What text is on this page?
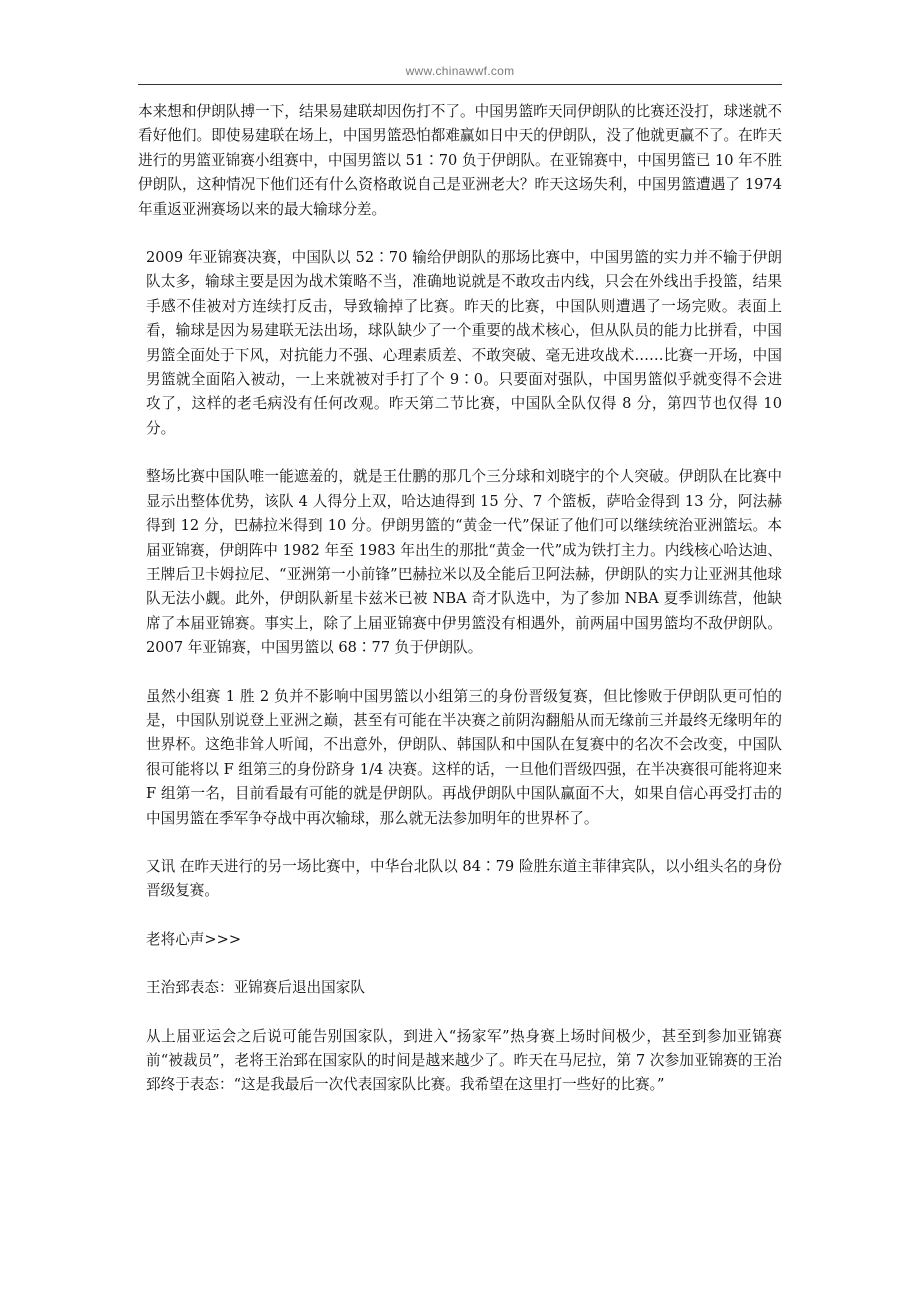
www.chinawwf.com

本来想和伊朗队搏一下，结果易建联却因伤打不了。中国男篮昨天同伊朗队的比赛还没打，球迷就不看好他们。即使易建联在场上，中国男篮恐怕都难赢如日中天的伊朗队，没了他就更赢不了。在昨天进行的男篮亚锦赛小组赛中，中国男篮以 51∶70 负于伊朗队。在亚锦赛中，中国男篮已 10 年不胜伊朗队，这种情况下他们还有什么资格敢说自己是亚洲老大？昨天这场失利，中国男篮遭遇了 1974 年重返亚洲赛场以来的最大输球分差。

2009 年亚锦赛决赛，中国队以 52∶70 输给伊朗队的那场比赛中，中国男篮的实力并不输于伊朗队太多，输球主要是因为战术策略不当，准确地说就是不敢攻击内线，只会在外线出手投篮，结果手感不佳被对方连续打反击，导致输掉了比赛。昨天的比赛，中国队则遭遇了一场完败。表面上看，输球是因为易建联无法出场，球队缺少了一个重要的战术核心，但从队员的能力比拼看，中国男篮全面处于下风，对抗能力不强、心理素质差、不敢突破、毫无进攻战术……比赛一开场，中国男篮就全面陷入被动，一上来就被对手打了个 9∶0。只要面对强队，中国男篮似乎就变得不会进攻了，这样的老毛病没有任何改观。昨天第二节比赛，中国队全队仅得 8 分，第四节也仅得 10 分。

整场比赛中国队唯一能遮羞的，就是王仕鹏的那几个三分球和刘晓宇的个人突破。伊朗队在比赛中显示出整体优势，该队 4 人得分上双，哈达迪得到 15 分、7 个篮板，萨哈金得到 13 分，阿法赫得到 12 分，巴赫拉米得到 10 分。伊朗男篮的“黄金一代”保证了他们可以继续统治亚洲篮坛。本届亚锦赛，伊朗阵中 1982 年至 1983 年出生的那批“黄金一代”成为铁打主力。内线核心哈达迪、王牌后卫卡姆拉尼、“亚洲第一小前锋”巴赫拉米以及全能后卫阿法赫，伊朗队的实力让亚洲其他球队无法小觑。此外，伊朗队新星卡兹米已被 NBA 奇才队选中，为了参加 NBA 夏季训练营，他缺席了本届亚锦赛。事实上，除了上届亚锦赛中伊男篮没有相遇外，前两届中国男篮均不敌伊朗队。2007 年亚锦赛，中国男篮以 68∶77 负于伊朗队。

虽然小组赛 1 胜 2 负并不影响中国男篮以小组第三的身份晋级复赛，但比惨败于伊朗队更可怕的是，中国队别说登上亚洲之巅，甚至有可能在半决赛之前阴沟翻船从而无缘前三并最终无缘明年的世界杯。这绝非耸人听闻，不出意外，伊朗队、韩国队和中国队在复赛中的名次不会改变，中国队很可能将以 F 组第三的身份跻身 1/4 决赛。这样的话，一旦他们晋级四强，在半决赛很可能将迎来 F 组第一名，目前看最有可能的就是伊朗队。再战伊朗队中国队赢面不大，如果自信心再受打击的中国男篮在季军争夺战中再次输球，那么就无法参加明年的世界杯了。

又讯 在昨天进行的另一场比赛中，中华台北队以 84∶79 险胜东道主菲律宾队，以小组头名的身份晋级复赛。

老将心声>>>

王治郅表态：亚锦赛后退出国家队

从上届亚运会之后说可能告别国家队，到进入“扬家军”热身赛上场时间极少，甚至到参加亚锦赛前“被裁员”，老将王治郅在国家队的时间是越来越少了。昨天在马尼拉，第 7 次参加亚锦赛的王治郅终于表态：“这是我最后一次代表国家队比赛。我希望在这里打一些好的比赛。”
